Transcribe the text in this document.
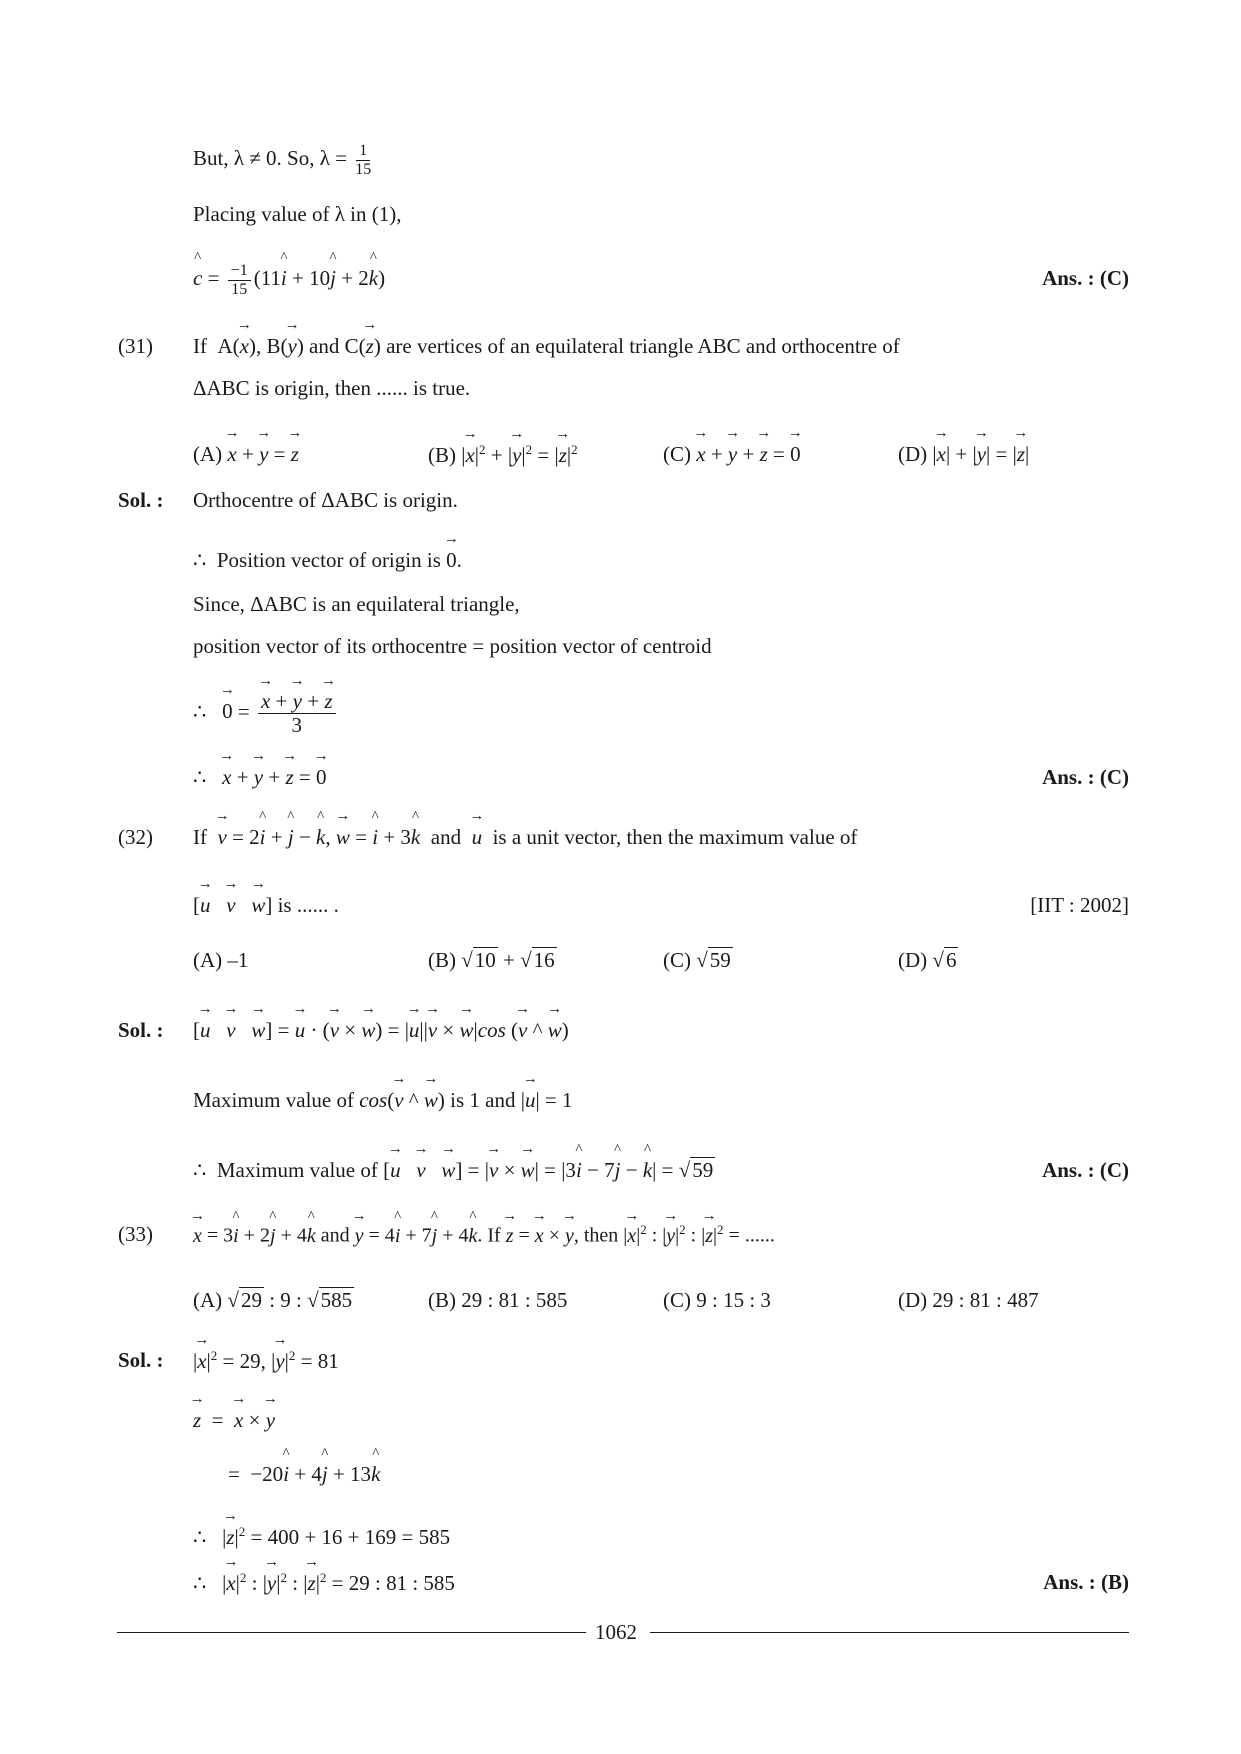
But, λ ≠ 0. So, $\lambda = \frac{1}{15}$
Placing value of λ in (1),
^ $c = \frac{-1}{15}$ (11^ i + 10^ j + 2^ k)	Ans. : (C)
(31) If  A(→ x), B(→ y) and C(→ z) are vertices of an equilateral triangle ABC and orthocentre of
ΔABC is origin, then ...... is true.
(A) → x + → y = → z	(B) |→ $x|^2$ + |→ $y|^2$ = |→ $z|^2$	(C) → x + → y + → z = → 0	(D) |→ x| + |→ y| = |→ z|
Sol. : Orthocentre of ΔABC is origin.
∴  Position vector of origin is → 0.
Since, ΔABC is an equilateral triangle,
position vector of its orthocentre = position vector of centroid
∴   → 0 = → $\frac{x + \to y + \to z}{3}$
∴   → x + → y + → z = → 0	Ans. : (C)
(32) If  → v = 2^ i + ^ j − ^ k, → w = ^ i + 3^ k  and  → u is a unit vector, then the maximum value of
[→ u → v → w] is ...... .	[IIT : 2002]
(A) –1	(B) √10 + √16	(C) √59	(D) √6
Sol. : [→ u → v → w] = → u · (→ v × → w) = |→ u||→ v × → w|cos (→ v ^ → w)
Maximum value of cos(→ v ^ → w) is 1 and |→ u| = 1
∴  Maximum value of [→ u → v → w] = |→ v × → w| = |3^ i − 7^ j − ^ k| = √59	Ans. : (C)
(33) → x = 3^ i + 2^ j + 4^ k and → y = 4^ i + 7^ j + 4^ k. If → z = → x × → y, then |→ $x|^2$ : |→ $y|^2$ : |→ $z|^2$ = ......
(A) √29 : 9 : √585	(B) 29 : 81 : 585	(C) 9 : 15 : 3	(D) 29 : 81 : 487
Sol. : |→ $x|^2 = 29$, |→ $y|^2 = 81$
→ z  =  → x × → y
=  −20^ i + 4^ j + 13^ k
∴   |→ $z|^2 = 400 + 16 + 169 = 585$
∴   |→ $x|^2$ : |→ $y|^2$ : |→ $z|^2 = 29$ : 81 : 585	Ans. : (B)
1062
